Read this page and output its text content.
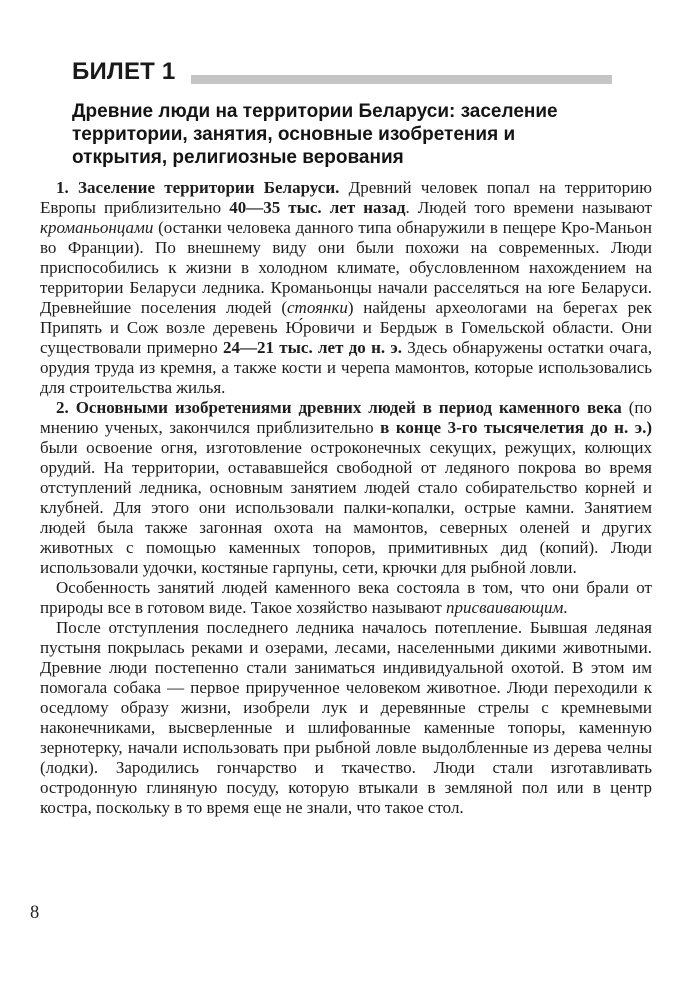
БИЛЕТ 1
Древние люди на территории Беларуси: заселение территории, занятия, основные изобретения и открытия, религиозные верования

1. Заселение территории Беларуси. Древний человек попал на территорию Европы приблизительно 40—35 тыс. лет назад. Людей того времени называют кроманьонцами (останки человека данного типа обнаружили в пещере Кро-Маньон во Франции). По внешнему виду они были похожи на современных. Люди приспособились к жизни в холодном климате, обусловленном нахождением на территории Беларуси ледника. Кроманьонцы начали расселяться на юге Беларуси. Древнейшие поселения людей (стоянки) найдены археологами на берегах рек Припять и Сож возле деревень Ю́ровичи и Бердыж в Гомельской области. Они существовали примерно 24—21 тыс. лет до н. э. Здесь обнаружены остатки очага, орудия труда из кремня, а также кости и черепа мамонтов, которые использовались для строительства жилья.

2. Основными изобретениями древних людей в период каменного века (по мнению ученых, закончился приблизительно в конце 3-го тысячелетия до н. э.) были освоение огня, изготовление остроконечных секущих, режущих, колющих орудий. На территории, остававшейся свободной от ледяного покрова во время отступлений ледника, основным занятием людей стало собирательство корней и клубней. Для этого они использовали палки-копалки, острые камни. Занятием людей была также загонная охота на мамонтов, северных оленей и других животных с помощью каменных топоров, примитивных дид (копий). Люди использовали удочки, костяные гарпуны, сети, крючки для рыбной ловли.

Особенность занятий людей каменного века состояла в том, что они брали от природы все в готовом виде. Такое хозяйство называют присваивающим.

После отступления последнего ледника началось потепление. Бывшая ледяная пустыня покрылась реками и озерами, лесами, населенными дикими животными. Древние люди постепенно стали заниматься индивидуальной охотой. В этом им помогала собака — первое прирученное человеком животное. Люди переходили к оседлому образу жизни, изобрели лук и деревянные стрелы с кремневыми наконечниками, высверленные и шлифованные каменные топоры, каменную зернотерку, начали использовать при рыбной ловле выдолбленные из дерева челны (лодки). Зародились гончарство и ткачество. Люди стали изготавливать остродонную глиняную посуду, которую втыкали в земляной пол или в центр костра, поскольку в то время еще не знали, что такое стол.

8
